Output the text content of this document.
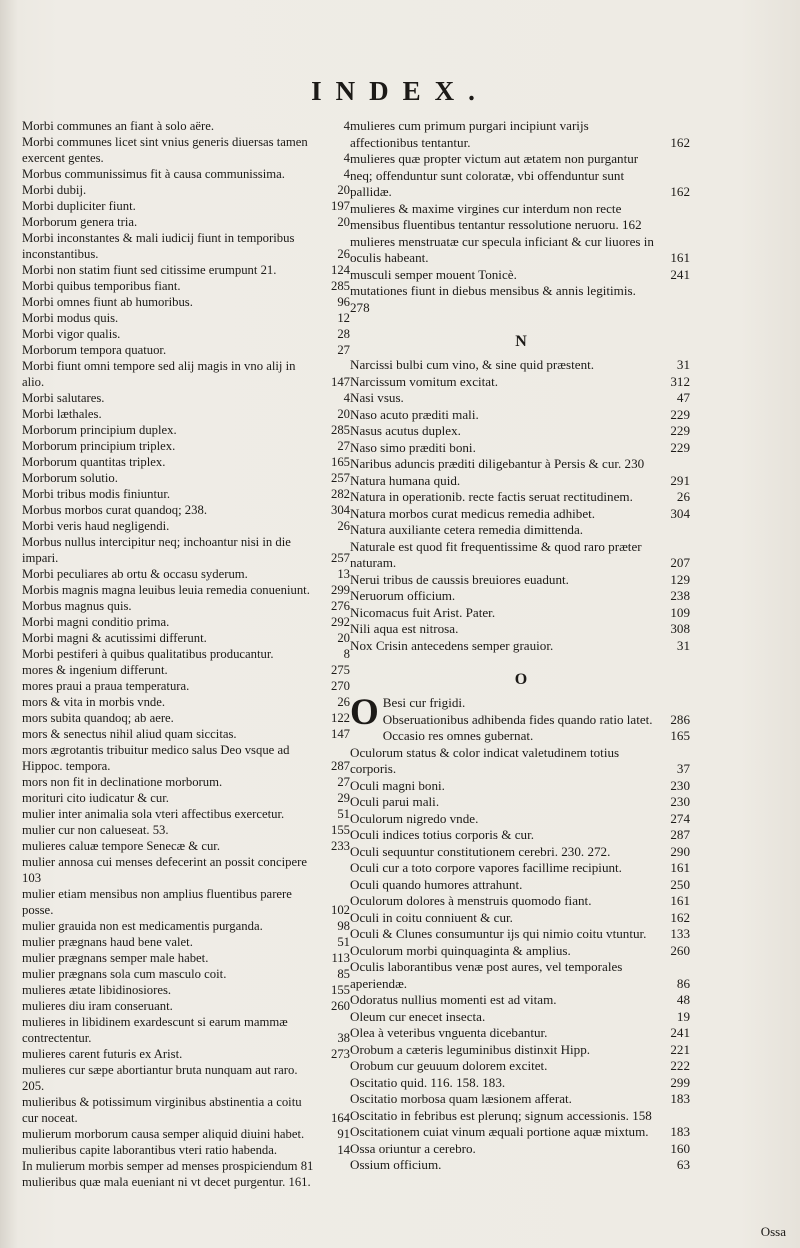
INDEX.
Morbi communes an fiant à solo aëre.	4
Morbi communes licet sint vnius generis diuersas tamen exercent gentes.	4
Morbus communissimus fit à causa communissima.	4
Morbi dubij.	20
Morbi dupliciter fiunt.	197
Morborum genera tria.	20
Morbi inconstantes & mali iudicij fiunt in temporibus inconstantibus.	26
Morbi non statim fiunt sed citissime erumpunt 21.	124
Morbi quibus temporibus fiant.	285
Morbi omnes fiunt ab humoribus.	96
Morbi modus quis.	12
Morbi vigor qualis.	28
Morborum tempora quatuor.	27
Morbi fiunt omni tempore sed alij magis in vno alij in alio.	147
Morbi salutares.	4
Morbi læthales.	20
Morborum principium duplex.	285
Morborum principium triplex.	27
Morborum quantitas triplex.	165
Morborum solutio.	257
Morbi tribus modis finiuntur.	282
Morbus morbos curat quandoq; 238.	304
Morbi veris haud negligendi.	26
Morbus nullus intercipitur neq; inchoantur nisi in die impari.	257
Morbi peculiares ab ortu & occasu syderum.	13
Morbis magnis magna leuibus leuia remedia conueniunt. 299
Morbus magnus quis.	276
Morbi magni conditio prima.	292
Morbi magni & acutissimi differunt.	20
Morbi pestiferi à quibus qualitatibus producantur.	8
mores & ingenium differunt.	275
mores praui a praua temperatura.	270
mors & vita in morbis vnde.	26
mors subita quandoq; ab aere.	122
mors & senectus nihil aliud quam siccitas.	147
mors ægrotantis tribuitur medico salus Deo vsque ad Hippoc. tempora.	287
mors non fit in declinatione morborum.	27
morituri cito iudicatur & cur.	29
mulier inter animalia sola vteri affectibus exercetur.	51
mulier cur non calueseat. 53.	155
mulieres caluæ tempore Senecæ & cur.	233
mulier annosa cui menses defecerint an possit concipere 103
mulier etiam mensibus non amplius fluentibus parere posse.	102
mulier grauida non est medicamentis purganda.	98
mulier prægnans haud bene valet.	51
mulier prægnans semper male habet.	113
mulier prægnans sola cum masculo coit.	85
mulieres ætate libidinosiores.	155
mulieres diu iram conseruant.	260
mulieres in libidinem exardescunt si earum mammæ contrectentur.	38
mulieres carent futuris ex Arist.	273
mulieres cur sæpe abortiantur bruta nunquam aut raro. 205.
mulieribus & potissimum virginibus abstinentia a coitu cur noceat.	164
mulierum morborum causa semper aliquid diuini habet.	91
mulieribus capite laborantibus vteri ratio habenda.	14
In mulierum morbis semper ad menses prospiciendum 81
mulieribus quæ mala eueniant ni vt decet purgentur. 161.
mulieres cum primum purgari incipiunt varijs affectionibus tentantur.	162
mulieres quæ propter victum aut ætatem non purgantur neq; offenduntur sunt coloratæ, vbi offenduntur sunt pallidæ.	162
mulieres & maxime virgines cur interdum non recte mensibus fluentibus tentantur ressolutione neruoru. 162
mulieres menstruatæ cur specula inficiant & cur liuores in oculis habeant.	161
musculi semper mouent Tonicè.	241
mutationes fiunt in diebus mensibus & annis legitimis. 278
N
Narcissi bulbi cum vino, & sine quid præstent.	31
Narcissum vomitum excitat.	312
Nasi vsus.	47
Naso acuto præditi mali.	229
Nasus acutus duplex.	229
Naso simo præditi boni.	229
Naribus aduncis præditi diligebantur à Persis & cur. 230
Natura humana quid.	291
Natura in operationib. recte factis seruat rectitudinem.	26
Natura morbos curat medicus remedia adhibet.	304
Natura auxiliante cetera remedia dimittenda.
Naturale est quod fit frequentissime & quod raro præter naturam.	207
Nerui tribus de caussis breuiores euadunt.	129
Neruorum officium.	238
Nicomacus fuit Arist. Pater.	109
Nili aqua est nitrosa.	308
Nox Crisin antecedens semper grauior.	31
O
O Besi cur frigidi.
Obseruationibus adhibenda fides quando ratio latet. 286
Occasio res omnes gubernat.	165
Oculorum status & color indicat valetudinem totius corporis.	37
Oculi magni boni.	230
Oculi parui mali.	230
Oculorum nigredo vnde.	274
Oculi indices totius corporis & cur.	287
Oculi sequuntur constitutionem cerebri. 230. 272.	290
Oculi cur a toto corpore vapores facillime recipiunt.	161
Oculi quando humores attrahunt.	250
Oculorum dolores à menstruis quomodo fiant.	161
Oculi in coitu conniuent & cur.	162
Oculi & Clunes consumuntur ijs qui nimio coitu vtuntur. 133
Oculorum morbi quinquaginta & amplius.	260
Oculis laborantibus venæ post aures, vel temporales aperiendæ.	86
Odoratus nullius momenti est ad vitam.	48
Oleum cur enecet insecta.	19
Olea à veteribus vnguenta dicebantur.	241
Orobum a cæteris leguminibus distinxit Hipp.	221
Orobum cur geuuum dolorem excitet.	222
Oscitatio quid. 116. 158. 183.	299
Oscitatio morbosa quam læsionem afferat.	183
Oscitatio in febribus est plerunq; signum accessionis. 158
Oscitationem cuiat vinum æquali portione aquæ mixtum. 183
Ossa oriuntur a cerebro.	160
Ossium officium.	63
Ossa
